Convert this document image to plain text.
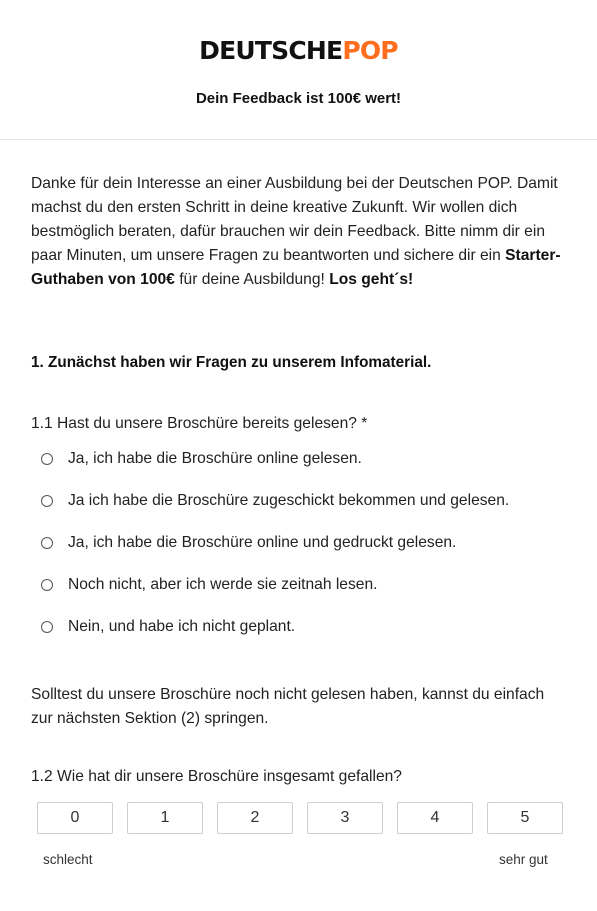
DEUTSCHEPOP
Dein Feedback ist 100€ wert!
Danke für dein Interesse an einer Ausbildung bei der Deutschen POP. Damit machst du den ersten Schritt in deine kreative Zukunft. Wir wollen dich bestmöglich beraten, dafür brauchen wir dein Feedback. Bitte nimm dir ein paar Minuten, um unsere Fragen zu beantworten und sichere dir ein Starter-Guthaben von 100€ für deine Ausbildung! Los geht´s!
1. Zunächst haben wir Fragen zu unserem Infomaterial.
1.1 Hast du unsere Broschüre bereits gelesen? *
Ja, ich habe die Broschüre online gelesen.
Ja ich habe die Broschüre zugeschickt bekommen und gelesen.
Ja, ich habe die Broschüre online und gedruckt gelesen.
Noch nicht, aber ich werde sie zeitnah lesen.
Nein, und habe ich nicht geplant.
Solltest du unsere Broschüre noch nicht gelesen haben, kannst du einfach zur nächsten Sektion (2) springen.
1.2 Wie hat dir unsere Broschüre insgesamt gefallen?
0	1	2	3	4	5
schlecht	sehr gut
